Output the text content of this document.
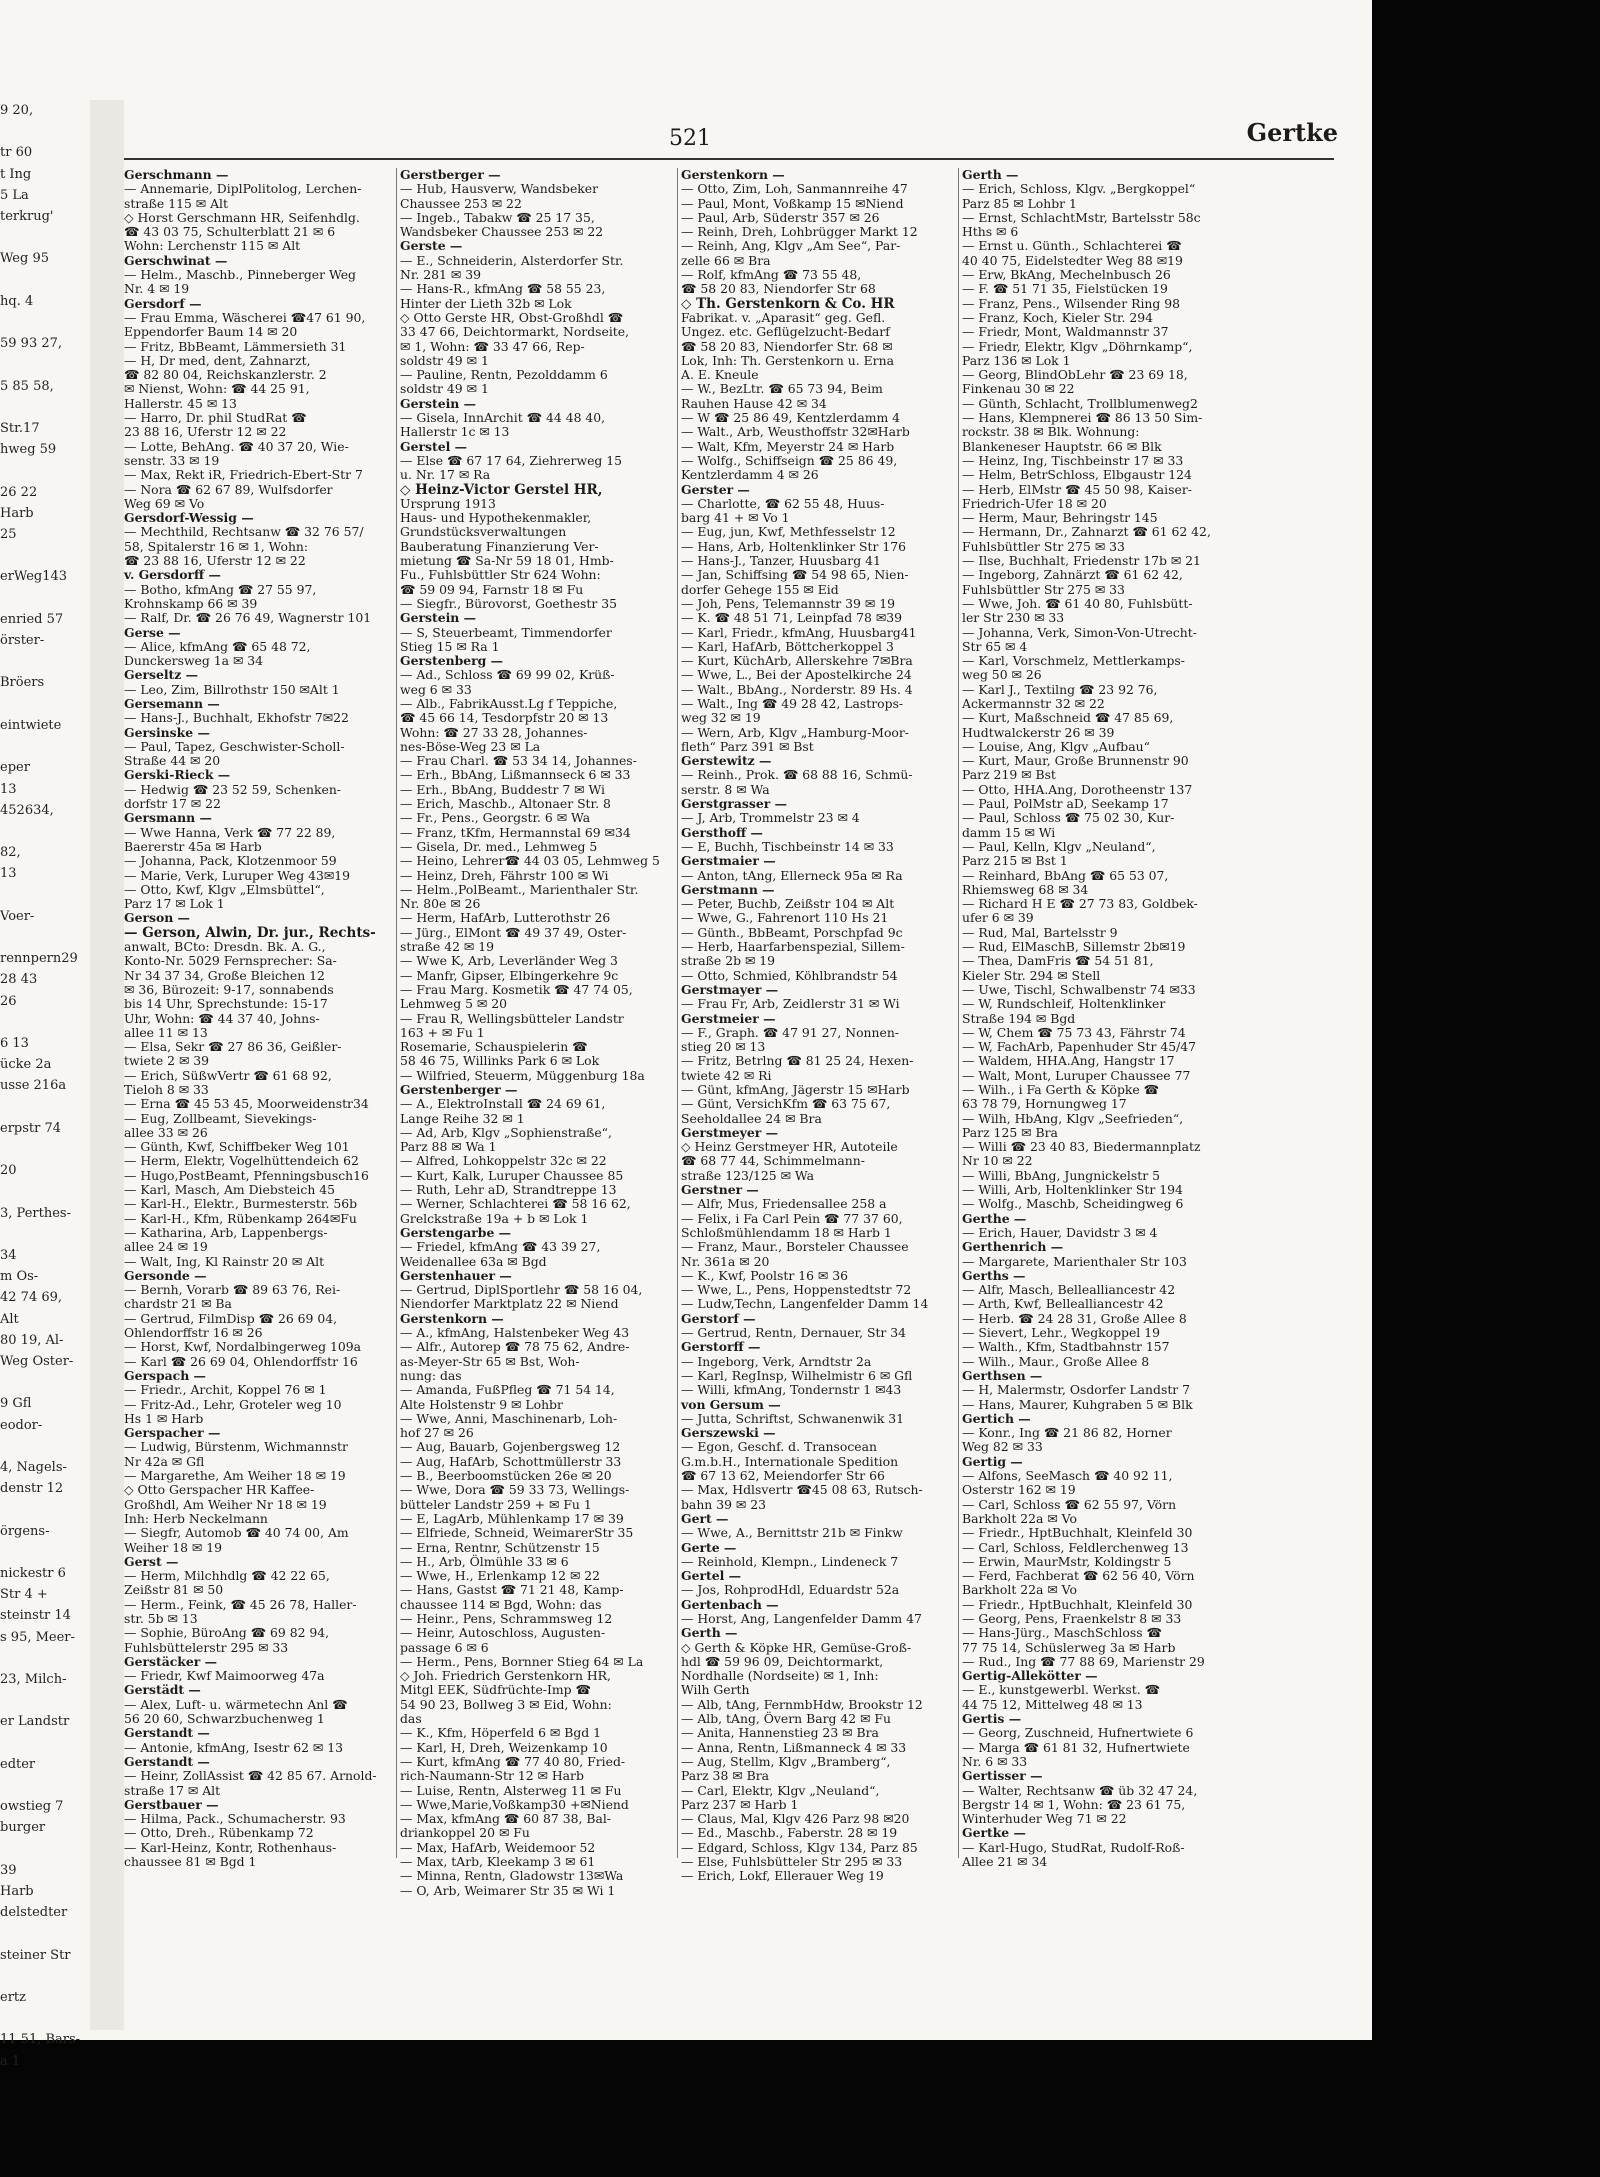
9 20,

tr 60
t Ing
5 La
terkrug'

Weg 95

hq. 4

59 93 27,

5 85 58,

Str.17
hweg 59

26 22
Harb
25

erWeg143

enried 57
örster-

Bröers

eintwiete

eper
13
452634,

82,
13

Voer-

rennpern29
28 43
26

6 13
ücke 2a
usse 216a

erpstr 74

20

3, Perthes-

34
m Os-
42 74 69,
Alt
80 19, Al-
Weg Oster-

9 Gfl
eodor-

4, Nagels-
denstr 12

örgens-

nickestr 6
Str 4 +
steinstr 14
s 95, Meer-

23, Milch-

er Landstr

edter

owstieg 7
burger

39
Harb
delstedter

steiner Str

ertz

11 51, Bars-
a 1
521	Gertke
Gerschmann —
— Annemarie, DiplPolitolog, Lerchen-
straße 115 ✉ Alt
◇ Horst Gerschmann HR, Seifenhdlg.
☎ 43 03 75, Schulterblatt 21 ✉ 6
Wohn: Lerchenstr 115 ✉ Alt
Gerschwinat —
— Helm., Maschb., Pinneberger Weg
Nr. 4 ✉ 19
Gersdorf —
— Frau Emma, Wäscherei ☎47 61 90,
Eppendorfer Baum 14 ✉ 20
— Fritz, BbBeamt, Lämmersieth 31
— H, Dr med, dent, Zahnarzt,
☎ 82 80 04, Reichskanzlerstr. 2
✉ Nienst, Wohn: ☎ 44 25 91,
Hallerstr. 45 ✉ 13
— Harro, Dr. phil StudRat ☎
23 88 16, Uferstr 12 ✉ 22
— Lotte, BehAng. ☎ 40 37 20, Wie-
senstr. 33 ✉ 19
— Max, Rekt iR, Friedrich-Ebert-Str 7
— Nora ☎ 62 67 89, Wulfsdorfer
Weg 69 ✉ Vo
Gersdorf-Wessig —
— Mechthild, Rechtsanw ☎ 32 76 57/
58, Spitalerstr 16 ✉ 1, Wohn:
☎ 23 88 16, Uferstr 12 ✉ 22
v. Gersdorff —
— Botho, kfmAng ☎ 27 55 97,
Krohnskamp 66 ✉ 39
— Ralf, Dr. ☎ 26 76 49, Wagnerstr 101
Gerse —
— Alice, kfmAng ☎ 65 48 72,
Dunckersweg 1a ✉ 34
Gerseltz —
— Leo, Zim, Billrothstr 150 ✉Alt 1
Gersemann —
— Hans-J., Buchhalt, Ekhofstr 7✉22
Gersinske —
— Paul, Tapez, Geschwister-Scholl-
Straße 44 ✉ 20
Gerski-Rieck —
— Hedwig ☎ 23 52 59, Schenken-
dorfstr 17 ✉ 22
Gersmann —
— Wwe Hanna, Verk ☎ 77 22 89,
Baererstr 45a ✉ Harb
— Johanna, Pack, Klotzenmoor 59
— Marie, Verk, Luruper Weg 43✉19
— Otto, Kwf, Klgv „Elmsbüttel“,
Parz 17 ✉ Lok 1
Gerson —
— Gerson, Alwin, Dr. jur., Rechts-
anwalt, BCto: Dresdn. Bk. A. G.,
Konto-Nr. 5029 Fernsprecher: Sa-
Nr 34 37 34, Große Bleichen 12
✉ 36, Bürozeit: 9-17, sonnabends
bis 14 Uhr, Sprechstunde: 15-17
Uhr, Wohn: ☎ 44 37 40, Johns-
allee 11 ✉ 13
— Elsa, Sekr ☎ 27 86 36, Geißler-
twiete 2 ✉ 39
— Erich, SüßwVertr ☎ 61 68 92,
Tieloh 8 ✉ 33
— Erna ☎ 45 53 45, Moorweidenstr34
— Eug, Zollbeamt, Sievekings-
allee 33 ✉ 26
— Günth, Kwf, Schiffbeker Weg 101
— Herm, Elektr, Vogelhüttendeich 62
— Hugo,PostBeamt, Pfenningsbusch16
— Karl, Masch, Am Diebsteich 45
— Karl-H., Elektr., Burmesterstr. 56b
— Karl-H., Kfm, Rübenkamp 264✉Fu
— Katharina, Arb, Lappenbergs-
allee 24 ✉ 19
— Walt, Ing, Kl Rainstr 20 ✉ Alt
Gersonde —
— Bernh, Vorarb ☎ 89 63 76, Rei-
chardstr 21 ✉ Ba
— Gertrud, FilmDisp ☎ 26 69 04,
Ohlendorffstr 16 ✉ 26
— Horst, Kwf, Nordalbingerweg 109a
— Karl ☎ 26 69 04, Ohlendorffstr 16
Gerspach —
— Friedr., Archit, Koppel 76 ✉ 1
— Fritz-Ad., Lehr, Groteler weg 10
Hs 1 ✉ Harb
Gerspacher —
— Ludwig, Bürstenm, Wichmannstr
Nr 42a ✉ Gfl
— Margarethe, Am Weiher 18 ✉ 19
◇ Otto Gerspacher HR Kaffee-
Großhdl, Am Weiher Nr 18 ✉ 19
Inh: Herb Neckelmann
— Siegfr, Automob ☎ 40 74 00, Am
Weiher 18 ✉ 19
Gerst —
— Herm, Milchhdlg ☎ 42 22 65,
Zeißstr 81 ✉ 50
— Herm., Feink, ☎ 45 26 78, Haller-
str. 5b ✉ 13
— Sophie, BüroAng ☎ 69 82 94,
Fuhlsbüttelerstr 295 ✉ 33
Gerstäcker —
— Friedr, Kwf Maimoorweg 47a
Gerstädt —
— Alex, Luft- u. wärmetechn Anl ☎
56 20 60, Schwarzbuchenweg 1
Gerstandt —
— Antonie, kfmAng, Isestr 62 ✉ 13
Gerstandt —
— Heinr, ZollAssist ☎ 42 85 67. Arnold-
straße 17 ✉ Alt
Gerstbauer —
— Hilma, Pack., Schumacherstr. 93
— Otto, Dreh., Rübenkamp 72
— Karl-Heinz, Kontr, Rothenhaus-
chaussee 81 ✉ Bgd 1
Gerstberger —
— Hub, Hausverw, Wandsbeker
Chaussee 253 ✉ 22
— Ingeb., Tabakw ☎ 25 17 35,
Wandsbeker Chaussee 253 ✉ 22
Gerste —
— E., Schneiderin, Alsterdorfer Str.
Nr. 281 ✉ 39
— Hans-R., kfmAng ☎ 58 55 23,
Hinter der Lieth 32b ✉ Lok
◇ Otto Gerste HR, Obst-Großhdl ☎
33 47 66, Deichtormarkt, Nordseite,
✉ 1, Wohn: ☎ 33 47 66, Rep-
soldstr 49 ✉ 1
— Pauline, Rentn, Pezolddamm 6
soldstr 49 ✉ 1
Gerstein —
— Gisela, InnArchit ☎ 44 48 40,
Hallerstr 1c ✉ 13
Gerstel —
— Else ☎ 67 17 64, Ziehrerweg 15
u. Nr. 17 ✉ Ra
◇ Heinz-Victor Gerstel HR,
Ursprung 1913
Haus- und Hypothekenmakler,
Grundstücksverwaltungen
Bauberatung Finanzierung Ver-
mietung ☎ Sa-Nr 59 18 01, Hmb-
Fu., Fuhlsbüttler Str 624 Wohn:
☎ 59 09 94, Farnstr 18 ✉ Fu
— Siegfr., Bürovorst, Goethestr 35
Gerstein —
— S, Steuerbeamt, Timmendorfer
Stieg 15 ✉ Ra 1
Gerstenberg —
— Ad., Schloss ☎ 69 99 02, Krüß-
weg 6 ✉ 33
— Alb., FabrikAusst.Lg f Teppiche,
☎ 45 66 14, Tesdorpfstr 20 ✉ 13
Wohn: ☎ 27 33 28, Johannes-
nes-Böse-Weg 23 ✉ La
— Frau Charl. ☎ 53 34 14, Johannes-
— Erh., BbAng, Lißmannseck 6 ✉ 33
— Erh., BbAng, Buddestr 7 ✉ Wi
— Erich, Maschb., Altonaer Str. 8
— Fr., Pens., Georgstr. 6 ✉ Wa
— Franz, tKfm, Hermannstal 69 ✉34
— Gisela, Dr. med., Lehmweg 5
— Heino, Lehrer☎ 44 03 05, Lehmweg 5
— Heinz, Dreh, Fährstr 100 ✉ Wi
— Helm.,PolBeamt., Marienthaler Str.
Nr. 80e ✉ 26
— Herm, HafArb, Lutterothstr 26
— Jürg., ElMont ☎ 49 37 49, Oster-
straße 42 ✉ 19
— Wwe K, Arb, Leverländer Weg 3
— Manfr, Gipser, Elbingerkehre 9c
— Frau Marg. Kosmetik ☎ 47 74 05,
Lehmweg 5 ✉ 20
— Frau R, Wellingsbütteler Landstr
163 + ✉ Fu 1
Rosemarie, Schauspielerin ☎
58 46 75, Willinks Park 6 ✉ Lok
— Wilfried, Steuerm, Müggenburg 18a
Gerstenberger —
— A., ElektroInstall ☎ 24 69 61,
Lange Reihe 32 ✉ 1
— Ad, Arb, Klgv „Sophienstraße“,
Parz 88 ✉ Wa 1
— Alfred, Lohkoppelstr 32c ✉ 22
— Kurt, Kalk, Luruper Chaussee 85
— Ruth, Lehr aD, Strandtreppe 13
— Werner, Schlachterei ☎ 58 16 62,
Grelckstraße 19a + b ✉ Lok 1
Gerstengarbe —
— Friedel, kfmAng ☎ 43 39 27,
Weidenallee 63a ✉ Bgd
Gerstenhauer —
— Gertrud, DiplSportlehr ☎ 58 16 04,
Niendorfer Marktplatz 22 ✉ Niend
Gerstenkorn —
— A., kfmAng, Halstenbeker Weg 43
— Alfr., Autorep ☎ 78 75 62, Andre-
as-Meyer-Str 65 ✉ Bst, Woh-
nung: das
— Amanda, FußPfleg ☎ 71 54 14,
Alte Holstenstr 9 ✉ Lohbr
— Wwe, Anni, Maschinenarb, Loh-
hof 27 ✉ 26
— Aug, Bauarb, Gojenbergsweg 12
— Aug, HafArb, Schottmüllerstr 33
— B., Beerboomstücken 26e ✉ 20
— Wwe, Dora ☎ 59 33 73, Wellings-
bütteler Landstr 259 + ✉ Fu 1
— E, LagArb, Mühlenkamp 17 ✉ 39
— Elfriede, Schneid, WeimarerStr 35
— Erna, Rentnr, Schützenstr 15
— H., Arb, Ölmühle 33 ✉ 6
— Wwe, H., Erlenkamp 12 ✉ 22
— Hans, Gastst ☎ 71 21 48, Kamp-
chaussee 114 ✉ Bgd, Wohn: das
— Heinr., Pens, Schrammsweg 12
— Heinr, Autoschloss, Augusten-
passage 6 ✉ 6
— Herm., Pens, Bornner Stieg 64 ✉ La
◇ Joh. Friedrich Gerstenkorn HR,
Mitgl EEK, Südfrüchte-Imp ☎
54 90 23, Bollweg 3 ✉ Eid, Wohn:
das
— K., Kfm, Höperfeld 6 ✉ Bgd 1
— Karl, H, Dreh, Weizenkamp 10
— Kurt, kfmAng ☎ 77 40 80, Fried-
rich-Naumann-Str 12 ✉ Harb
— Luise, Rentn, Alsterweg 11 ✉ Fu
— Wwe,Marie,Voßkamp30 +✉Niend
— Max, kfmAng ☎ 60 87 38, Bal-
driankoppel 20 ✉ Fu
— Max, HafArb, Weidemoor 52
— Max, tArb, Kleekamp 3 ✉ 61
— Minna, Rentn, Gladowstr 13✉Wa
— O, Arb, Weimarer Str 35 ✉ Wi 1
Gerstenkorn —
— Otto, Zim, Loh, Sanmannreihe 47
— Paul, Mont, Voßkamp 15 ✉Niend
— Paul, Arb, Süderstr 357 ✉ 26
— Reinh, Dreh, Lohbrügger Markt 12
— Reinh, Ang, Klgv „Am See“, Par-
zelle 66 ✉ Bra
— Rolf, kfmAng ☎ 73 55 48,
☎ 58 20 83, Niendorfer Str 68
◇ Th. Gerstenkorn & Co. HR
Fabrikat. v. „Aparasit“ geg. Gefl.
Ungez. etc. Geflügelzucht-Bedarf
☎ 58 20 83, Niendorfer Str. 68 ✉
Lok, Inh: Th. Gerstenkorn u. Erna
A. E. Kneule
— W., BezLtr. ☎ 65 73 94, Beim
Rauhen Hause 42 ✉ 34
— W ☎ 25 86 49, Kentzlerdamm 4
— Walt., Arb, Weusthoffstr 32✉Harb
— Walt, Kfm, Meyerstr 24 ✉ Harb
— Wolfg., Schiffseign ☎ 25 86 49,
Kentzlerdamm 4 ✉ 26
Gerster —
— Charlotte, ☎ 62 55 48, Huus-
barg 41 + ✉ Vo 1
— Eug, jun, Kwf, Methfesselstr 12
— Hans, Arb, Holtenklinker Str 176
— Hans-J., Tanzer, Huusbarg 41
— Jan, Schiffsing ☎ 54 98 65, Nien-
dorfer Gehege 155 ✉ Eid
— Joh, Pens, Telemannstr 39 ✉ 19
— K. ☎ 48 51 71, Leinpfad 78 ✉39
— Karl, Friedr., kfmAng, Huusbarg41
— Karl, HafArb, Böttcherkoppel 3
— Kurt, KüchArb, Allerskehre 7✉Bra
— Wwe, L., Bei der Apostelkirche 24
— Walt., BbAng., Norderstr. 89 Hs. 4
— Walt., Ing ☎ 49 28 42, Lastrops-
weg 32 ✉ 19
— Wern, Arb, Klgv „Hamburg-Moor-
fleth“ Parz 391 ✉ Bst
Gerstewitz —
— Reinh., Prok. ☎ 68 88 16, Schmü-
serstr. 8 ✉ Wa
Gerstgrasser —
— J, Arb, Trommelstr 23 ✉ 4
Gersthoff —
— E, Buchh, Tischbeinstr 14 ✉ 33
Gerstmaier —
— Anton, tAng, Ellerneck 95a ✉ Ra
Gerstmann —
— Peter, Buchb, Zeißstr 104 ✉ Alt
— Wwe, G., Fahrenort 110 Hs 21
— Günth., BbBeamt, Porschpfad 9c
— Herb, Haarfarbenspezial, Sillem-
straße 2b ✉ 19
— Otto, Schmied, Köhlbrandstr 54
Gerstmayer —
— Frau Fr, Arb, Zeidlerstr 31 ✉ Wi
Gerstmeier —
— F., Graph. ☎ 47 91 27, Nonnen-
stieg 20 ✉ 13
— Fritz, Betrlng ☎ 81 25 24, Hexen-
twiete 42 ✉ Ri
— Günt, kfmAng, Jägerstr 15 ✉Harb
— Günt, VersichKfm ☎ 63 75 67,
Seeholdallee 24 ✉ Bra
Gerstmeyer —
◇ Heinz Gerstmeyer HR, Autoteile
☎ 68 77 44, Schimmelmann-
straße 123/125 ✉ Wa
Gerstner —
— Alfr, Mus, Friedensallee 258 a
— Felix, i Fa Carl Pein ☎ 77 37 60,
Schloßmühlendamm 18 ✉ Harb 1
— Franz, Maur., Borsteler Chaussee
Nr. 361a ✉ 20
— K., Kwf, Poolstr 16 ✉ 36
— Wwe, L., Pens, Hoppenstedtstr 72
— Ludw,Techn, Langenfelder Damm 14
Gerstorf —
— Gertrud, Rentn, Dernauer, Str 34
Gerstorff —
— Ingeborg, Verk, Arndtstr 2a
— Karl, RegInsp, Wilhelmistr 6 ✉ Gfl
— Willi, kfmAng, Tondernstr 1 ✉43
von Gersum —
— Jutta, Schriftst, Schwanenwik 31
Gerszewski —
— Egon, Geschf. d. Transocean
G.m.b.H., Internationale Spedition
☎ 67 13 62, Meiendorfer Str 66
— Max, Hdlsvertr ☎45 08 63, Rutsch-
bahn 39 ✉ 23
Gert —
— Wwe, A., Bernittstr 21b ✉ Finkw
Gerte —
— Reinhold, Klempn., Lindeneck 7
Gertel —
— Jos, RohprodHdl, Eduardstr 52a
Gertenbach —
— Horst, Ang, Langenfelder Damm 47
Gerth —
◇ Gerth & Köpke HR, Gemüse-Groß-
hdl ☎ 59 96 09, Deichtormarkt,
Nordhalle (Nordseite) ✉ 1, Inh:
Wilh Gerth
— Alb, tAng, FernmbHdw, Brookstr 12
— Alb, tAng, Övern Barg 42 ✉ Fu
— Anita, Hannenstieg 23 ✉ Bra
— Anna, Rentn, Lißmanneck 4 ✉ 33
— Aug, Stellm, Klgv „Bramberg“,
Parz 38 ✉ Bra
— Carl, Elektr, Klgv „Neuland“,
Parz 237 ✉ Harb 1
— Claus, Mal, Klgv 426 Parz 98 ✉20
— Ed., Maschb., Faberstr. 28 ✉ 19
— Edgard, Schloss, Klgv 134, Parz 85
— Else, Fuhlsbütteler Str 295 ✉ 33
— Erich, Lokf, Ellerauer Weg 19
Gerth —
— Erich, Schloss, Klgv. „Bergkoppel“
Parz 85 ✉ Lohbr 1
— Ernst, SchlachtMstr, Bartelsstr 58c
Hths ✉ 6
— Ernst u. Günth., Schlachterei ☎
40 40 75, Eidelstedter Weg 88 ✉19
— Erw, BkAng, Mechelnbusch 26
— F. ☎ 51 71 35, Fielstücken 19
— Franz, Pens., Wilsender Ring 98
— Franz, Koch, Kieler Str. 294
— Friedr, Mont, Waldmannstr 37
— Friedr, Elektr, Klgv „Döhrnkamp“,
Parz 136 ✉ Lok 1
— Georg, BlindObLehr ☎ 23 69 18,
Finkenau 30 ✉ 22
— Günth, Schlacht, Trollblumenweg2
— Hans, Klempnerei ☎ 86 13 50 Sim-
rockstr. 38 ✉ Blk. Wohnung:
Blankeneser Hauptstr. 66 ✉ Blk
— Heinz, Ing, Tischbeinstr 17 ✉ 33
— Helm, BetrSchloss, Elbgaustr 124
— Herb, ElMstr ☎ 45 50 98, Kaiser-
Friedrich-Ufer 18 ✉ 20
— Herm, Maur, Behringstr 145
— Hermann, Dr., Zahnarzt ☎ 61 62 42,
Fuhlsbüttler Str 275 ✉ 33
— Ilse, Buchhalt, Friedenstr 17b ✉ 21
— Ingeborg, Zahnärzt ☎ 61 62 42,
Fuhlsbüttler Str 275 ✉ 33
— Wwe, Joh. ☎ 61 40 80, Fuhlsbütt-
ler Str 230 ✉ 33
— Johanna, Verk, Simon-Von-Utrecht-
Str 65 ✉ 4
— Karl, Vorschmelz, Mettlerkamps-
weg 50 ✉ 26
— Karl J., Textilng ☎ 23 92 76,
Ackermannstr 32 ✉ 22
— Kurt, Maßschneid ☎ 47 85 69,
Hudtwalckerstr 26 ✉ 39
— Louise, Ang, Klgv „Aufbau“
— Kurt, Maur, Große Brunnenstr 90
Parz 219 ✉ Bst
— Otto, HHA.Ang, Dorotheenstr 137
— Paul, PolMstr aD, Seekamp 17
— Paul, Schloss ☎ 75 02 30, Kur-
damm 15 ✉ Wi
— Paul, Kelln, Klgv „Neuland“,
Parz 215 ✉ Bst 1
— Reinhard, BbAng ☎ 65 53 07,
Rhiemsweg 68 ✉ 34
— Richard H E ☎ 27 73 83, Goldbek-
ufer 6 ✉ 39
— Rud, Mal, Bartelsstr 9
— Rud, ElMaschB, Sillemstr 2b✉19
— Thea, DamFris ☎ 54 51 81,
Kieler Str. 294 ✉ Stell
— Uwe, Tischl, Schwalbenstr 74 ✉33
— W, Rundschleif, Holtenklinker
Straße 194 ✉ Bgd
— W, Chem ☎ 75 73 43, Fährstr 74
— W, FachArb, Papenhuder Str 45/47
— Waldem, HHA.Ang, Hangstr 17
— Walt, Mont, Luruper Chaussee 77
— Wilh., i Fa Gerth & Köpke ☎
63 78 79, Hornungweg 17
— Wilh, HbAng, Klgv „Seefrieden“,
Parz 125 ✉ Bra
— Willi ☎ 23 40 83, Biedermannplatz
Nr 10 ✉ 22
— Willi, BbAng, Jungnickelstr 5
— Willi, Arb, Holtenklinker Str 194
— Wolfg., Maschb, Scheidingweg 6
Gerthe —
— Erich, Hauer, Davidstr 3 ✉ 4
Gerthenrich —
— Margarete, Marienthaler Str 103
Gerths —
— Alfr, Masch, Bellealliancestr 42
— Arth, Kwf, Bellealliancestr 42
— Herb. ☎ 24 28 31, Große Allee 8
— Sievert, Lehr., Wegkoppel 19
— Walth., Kfm, Stadtbahnstr 157
— Wilh., Maur., Große Allee 8
Gerthsen —
— H, Malermstr, Osdorfer Landstr 7
— Hans, Maurer, Kuhgraben 5 ✉ Blk
Gertich —
— Konr., Ing ☎ 21 86 82, Horner
Weg 82 ✉ 33
Gertig —
— Alfons, SeeMasch ☎ 40 92 11,
Osterstr 162 ✉ 19
— Carl, Schloss ☎ 62 55 97, Vörn
Barkholt 22a ✉ Vo
— Friedr., HptBuchhalt, Kleinfeld 30
— Carl, Schloss, Feldlerchenweg 13
— Erwin, MaurMstr, Koldingstr 5
— Ferd, Fachberat ☎ 62 56 40, Vörn
Barkholt 22a ✉ Vo
— Friedr., HptBuchhalt, Kleinfeld 30
— Georg, Pens, Fraenkelstr 8 ✉ 33
— Hans-Jürg., MaschSchloss ☎
77 75 14, Schüslerweg 3a ✉ Harb
— Rud., Ing ☎ 77 88 69, Marienstr 29
Gertig-Allekötter —
— E., kunstgewerbl. Werkst. ☎
44 75 12, Mittelweg 48 ✉ 13
Gertis —
— Georg, Zuschneid, Hufnertwiete 6
— Marga ☎ 61 81 32, Hufnertwiete
Nr. 6 ✉ 33
Gertisser —
— Walter, Rechtsanw ☎ üb 32 47 24,
Bergstr 14 ✉ 1, Wohn: ☎ 23 61 75,
Winterhuder Weg 71 ✉ 22
Gertke —
— Karl-Hugo, StudRat, Rudolf-Roß-
Allee 21 ✉ 34
